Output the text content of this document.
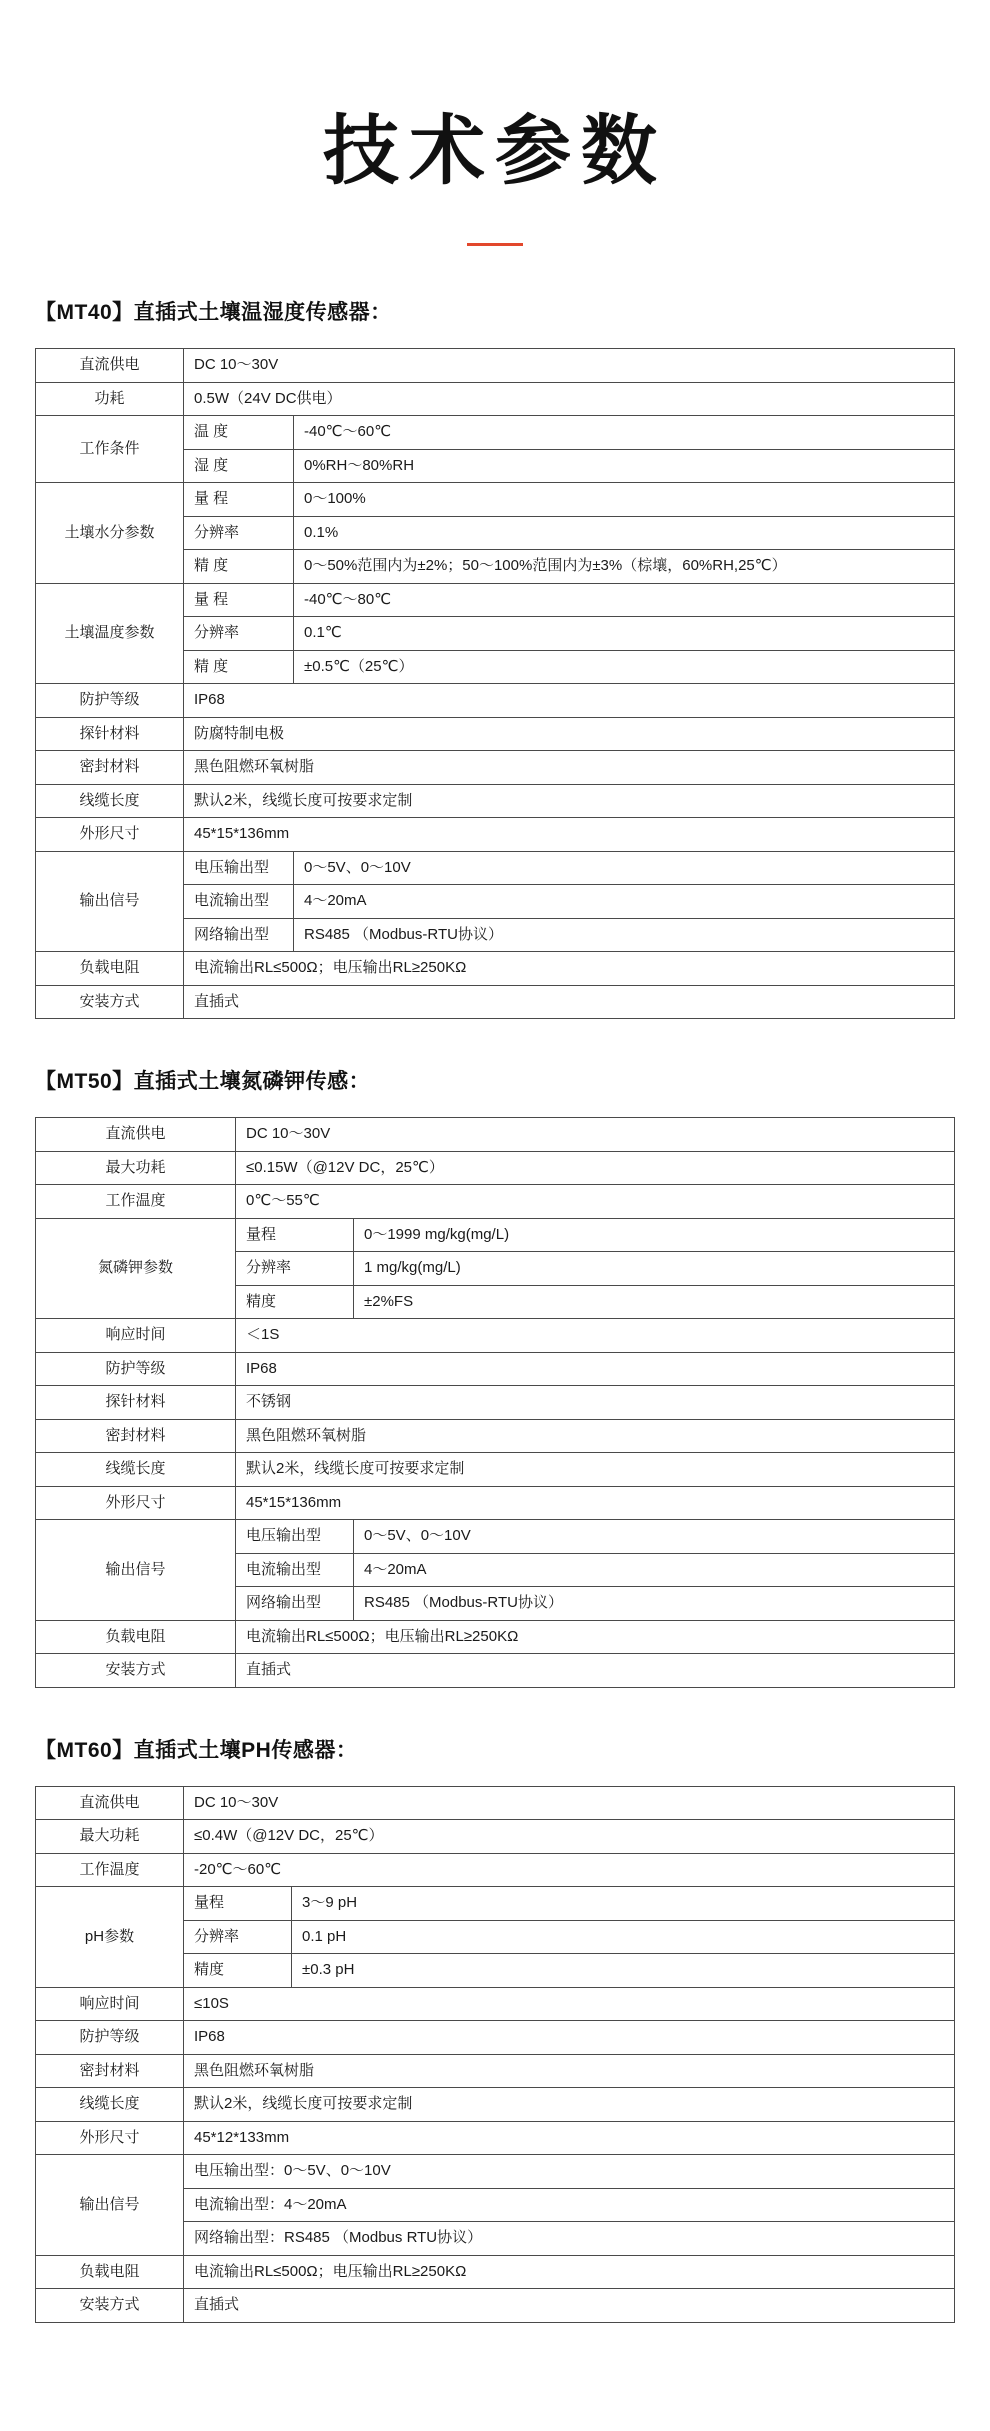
技术参数
【MT40】直插式土壤温湿度传感器：
直流供电	DC 10～30V	
功耗	0.5W（24V DC供电）	
工作条件	温 度	-40℃～60℃
	湿 度	0%RH～80%RH
土壤水分参数	量 程	0～100%
	分辨率	0.1%
	精 度	0～50%范围内为±2%；50～100%范围内为±3%（棕壤，60%RH,25℃）
土壤温度参数	量 程	-40℃～80℃
	分辨率	0.1℃
	精 度	±0.5℃（25℃）
防护等级	IP68	
探针材料	防腐特制电极	
密封材料	黑色阻燃环氧树脂	
线缆长度	默认2米，线缆长度可按要求定制	
外形尺寸	45*15*136mm	
输出信号	电压输出型	0～5V、0～10V
	电流输出型	4～20mA
	网络输出型	RS485 （Modbus-RTU协议）
负载电阻	电流输出RL≤500Ω；电压输出RL≥250KΩ	
安装方式	直插式	
【MT50】直插式土壤氮磷钾传感：
直流供电	DC 10～30V	
最大功耗	≤0.15W（@12V DC，25℃）	
工作温度	0℃～55℃	
氮磷钾参数	量程	0～1999 mg/kg(mg/L)
	分辨率	1 mg/kg(mg/L)
	精度	±2%FS
响应时间	＜1S	
防护等级	IP68	
探针材料	不锈钢	
密封材料	黑色阻燃环氧树脂	
线缆长度	默认2米，线缆长度可按要求定制	
外形尺寸	45*15*136mm	
输出信号	电压输出型	0～5V、0～10V
	电流输出型	4～20mA
	网络输出型	RS485 （Modbus-RTU协议）
负载电阻	电流输出RL≤500Ω；电压输出RL≥250KΩ	
安装方式	直插式	
【MT60】直插式土壤PH传感器：
直流供电	DC 10～30V	
最大功耗	≤0.4W（@12V DC，25℃）	
工作温度	-20℃～60℃	
pH参数	量程	3～9 pH
	分辨率	0.1 pH
	精度	±0.3 pH
响应时间	≤10S	
防护等级	IP68	
密封材料	黑色阻燃环氧树脂	
线缆长度	默认2米，线缆长度可按要求定制	
外形尺寸	45*12*133mm	
输出信号	电压输出型：0～5V、0～10V	
	电流输出型：4～20mA	
	网络输出型：RS485 （Modbus RTU协议）	
负载电阻	电流输出RL≤500Ω；电压输出RL≥250KΩ	
安装方式	直插式	
